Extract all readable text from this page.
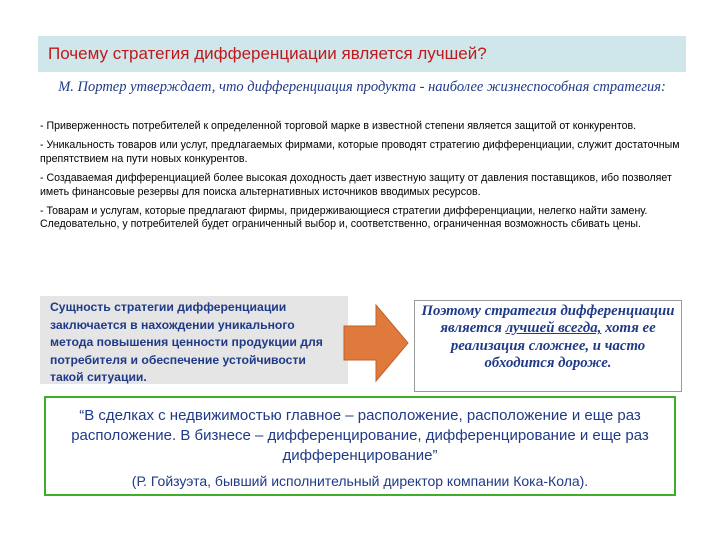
Почему стратегия дифференциации является лучшей?
М. Портер утверждает, что дифференциация продукта - наиболее жизнеспособная стратегия:

- Приверженность потребителей к определенной торговой марке в известной степени является защитой от конкурентов.

- Уникальность товаров или услуг, предлагаемых фирмами, которые проводят стратегию дифференциации, служит достаточным препятствием на пути новых конкурентов.

- Создаваемая дифференциацией более высокая доходность дает известную защиту от давления поставщиков, ибо позволяет иметь финансовые резервы для поиска альтернативных источников вводимых ресурсов.

- Товарам и услугам, которые предлагают фирмы, придерживающиеся стратегии дифференциации, нелегко найти замену. Следовательно, у потребителей будет ограниченный выбор и, соответственно, ограниченная возможность сбивать цены.

Сущность стратегии дифференциации заключается в нахождении уникального метода повышения ценности продукции для потребителя и обеспечение устойчивости такой ситуации.
Поэтому стратегия дифференциации является лучшей всегда, хотя ее реализация сложнее, и часто обходится дороже.
“В сделках с недвижимостью главное – расположение, расположение и еще раз расположение. В бизнесе – дифференцирование, дифференцирование и еще раз дифференцирование”
(Р. Гойзуэта, бывший исполнительный директор компании Кока-Кола).
